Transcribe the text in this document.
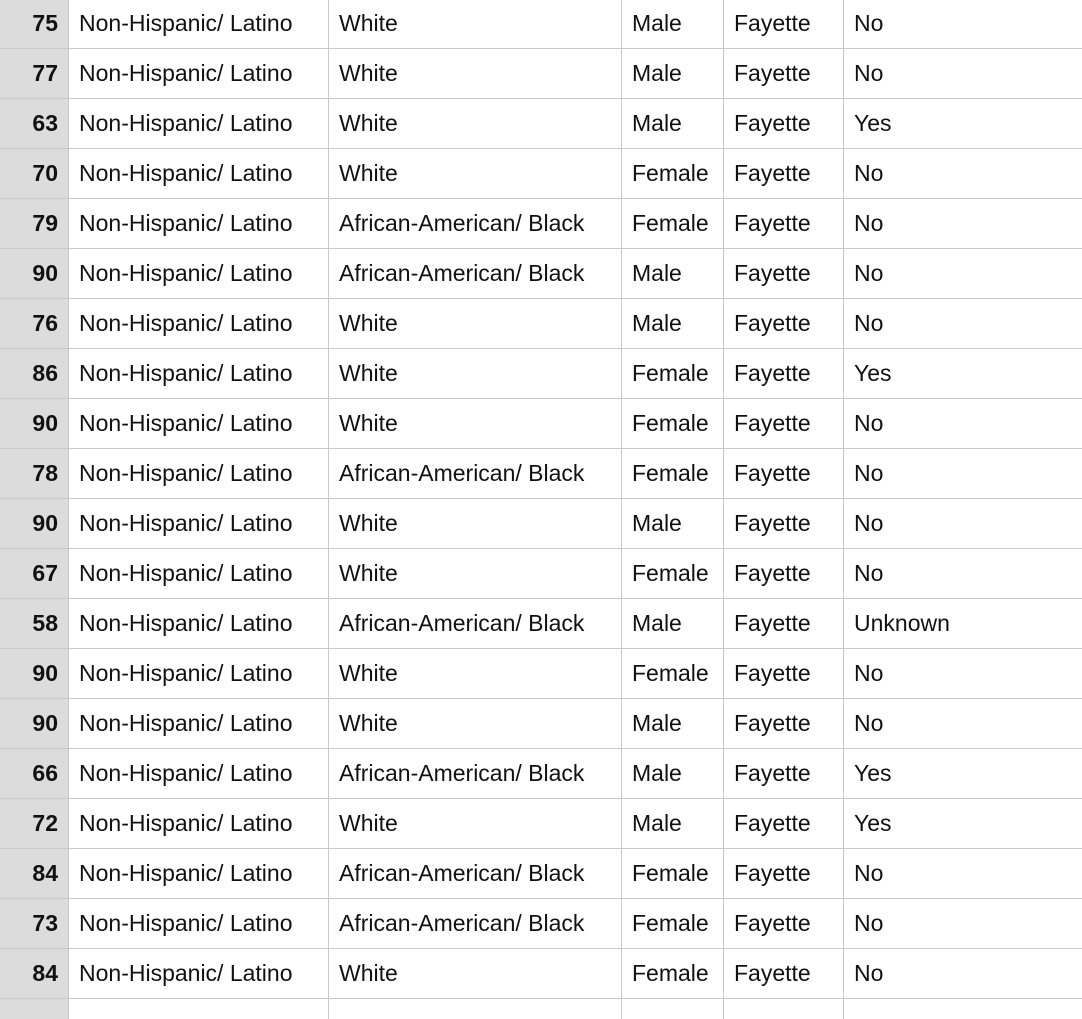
75 Non-Hispanic/ Latino	White	Male	Fayette	No
77 Non-Hispanic/ Latino	White	Male	Fayette	No
63 Non-Hispanic/ Latino	White	Male	Fayette	Yes
70 Non-Hispanic/ Latino	White	Female	Fayette	No
79 Non-Hispanic/ Latino	African-American/ Black	Female	Fayette	No
90 Non-Hispanic/ Latino	African-American/ Black	Male	Fayette	No
76 Non-Hispanic/ Latino	White	Male	Fayette	No
86 Non-Hispanic/ Latino	White	Female	Fayette	Yes
90 Non-Hispanic/ Latino	White	Female	Fayette	No
78 Non-Hispanic/ Latino	African-American/ Black	Female	Fayette	No
90 Non-Hispanic/ Latino	White	Male	Fayette	No
67 Non-Hispanic/ Latino	White	Female	Fayette	No
58 Non-Hispanic/ Latino	African-American/ Black	Male	Fayette	Unknown
90 Non-Hispanic/ Latino	White	Female	Fayette	No
90 Non-Hispanic/ Latino	White	Male	Fayette	No
66 Non-Hispanic/ Latino	African-American/ Black	Male	Fayette	Yes
72 Non-Hispanic/ Latino	White	Male	Fayette	Yes
84 Non-Hispanic/ Latino	African-American/ Black	Female	Fayette	No
73 Non-Hispanic/ Latino	African-American/ Black	Female	Fayette	No
84 Non-Hispanic/ Latino	White	Female	Fayette	No
